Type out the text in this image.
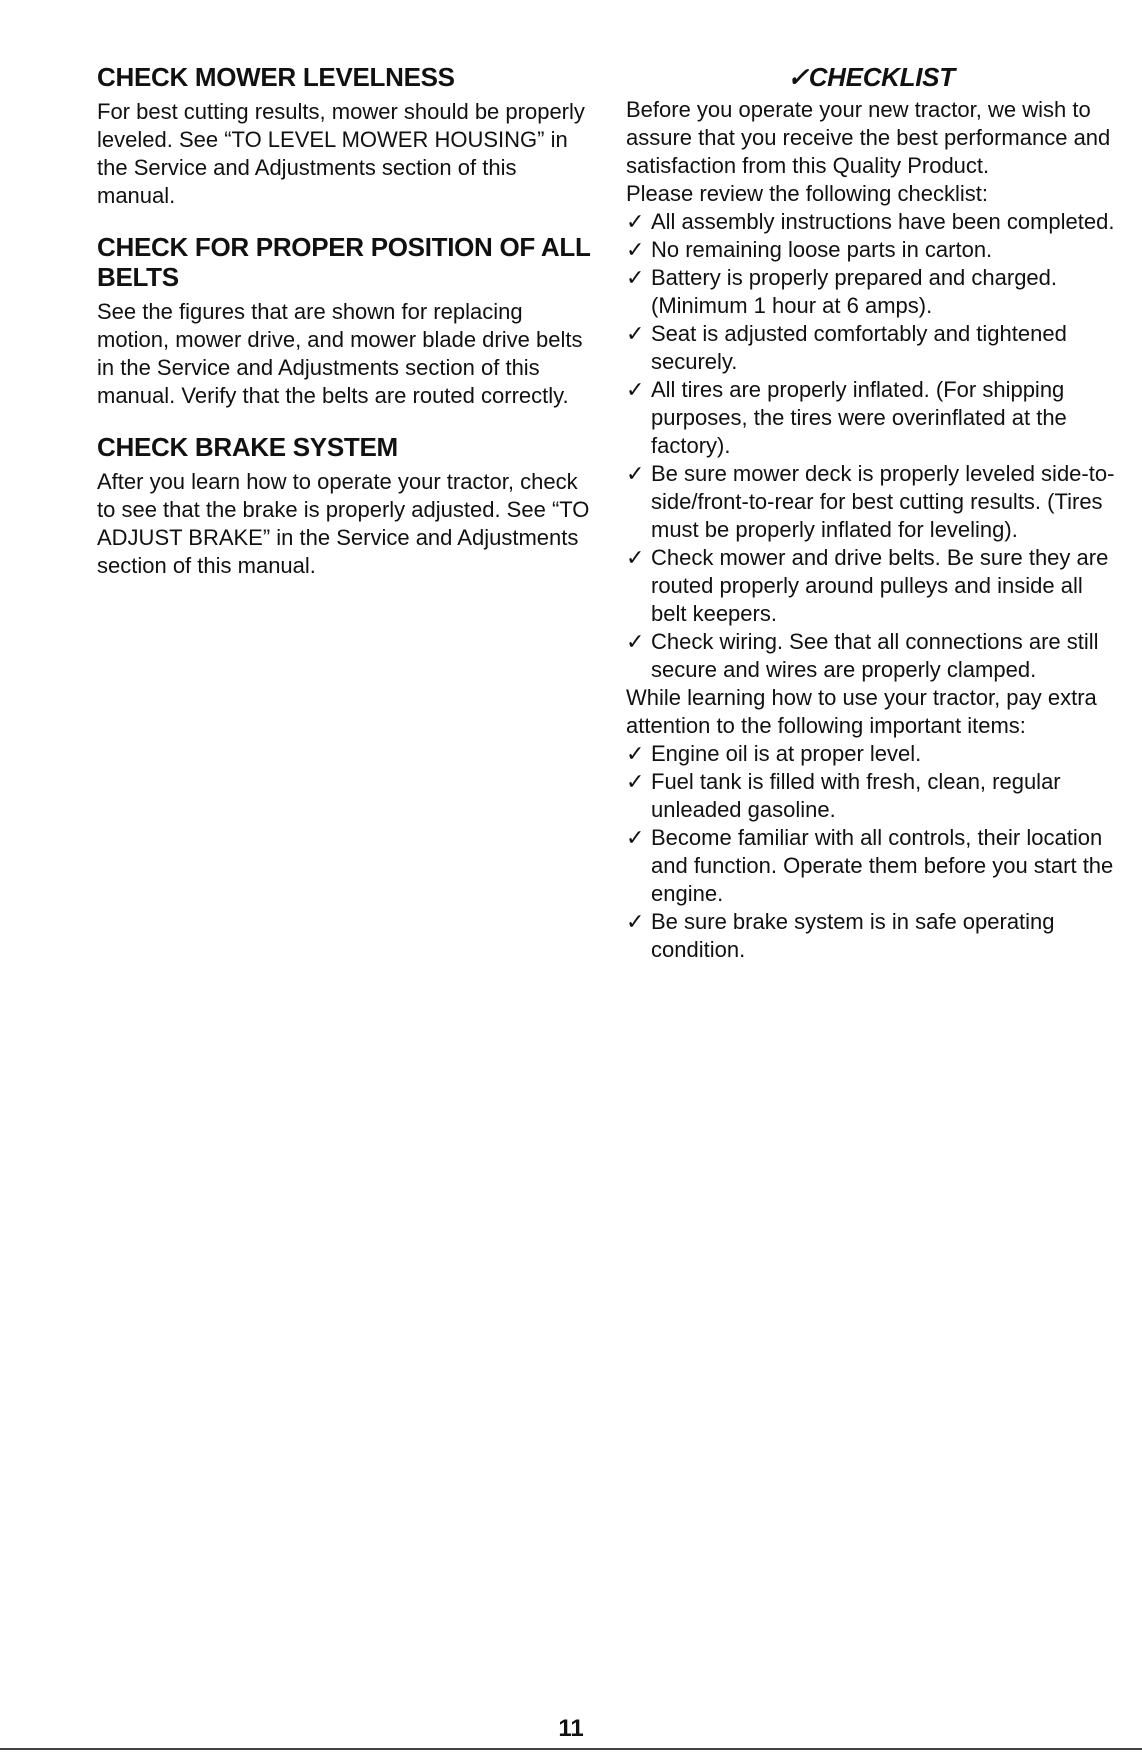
CHECK MOWER LEVELNESS

For best cutting results, mower should be properly leveled. See “TO LEVEL MOWER HOUSING” in the Service and Adjustments section of this manual.

CHECK FOR PROPER POSITION OF ALL BELTS

See the figures that are shown for replacing motion, mower drive, and mower blade drive belts in the Service and Adjustments section of this manual. Verify that the belts are routed correctly.

CHECK BRAKE SYSTEM

After you learn how to operate your tractor, check to see that the brake is properly adjusted. See “TO ADJUST BRAKE” in the Service and Adjustments section of this manual.

✓CHECKLIST

Before you operate your new tractor, we wish to assure that you receive the best performance and satisfaction from this Quality Product.

Please review the following checklist:

✓ All assembly instructions have been completed.
✓ No remaining loose parts in carton.
✓ Battery is properly prepared and charged. (Minimum 1 hour at 6 amps).
✓ Seat is adjusted comfortably and tightened securely.
✓ All tires are properly inflated. (For shipping purposes, the tires were overinflated at the factory).
✓ Be sure mower deck is properly leveled side-to-side/front-to-rear for best cutting results. (Tires must be properly inflated for leveling).
✓ Check mower and drive belts. Be sure they are routed properly around pulleys and inside all belt keepers.
✓ Check wiring. See that all connections are still secure and wires are properly clamped.

While learning how to use your tractor, pay extra attention to the following important items:

✓ Engine oil is at proper level.
✓ Fuel tank is filled with fresh, clean, regular unleaded gasoline.
✓ Become familiar with all controls, their location and function. Operate them before you start the engine.
✓ Be sure brake system is in safe operating condition.
11
